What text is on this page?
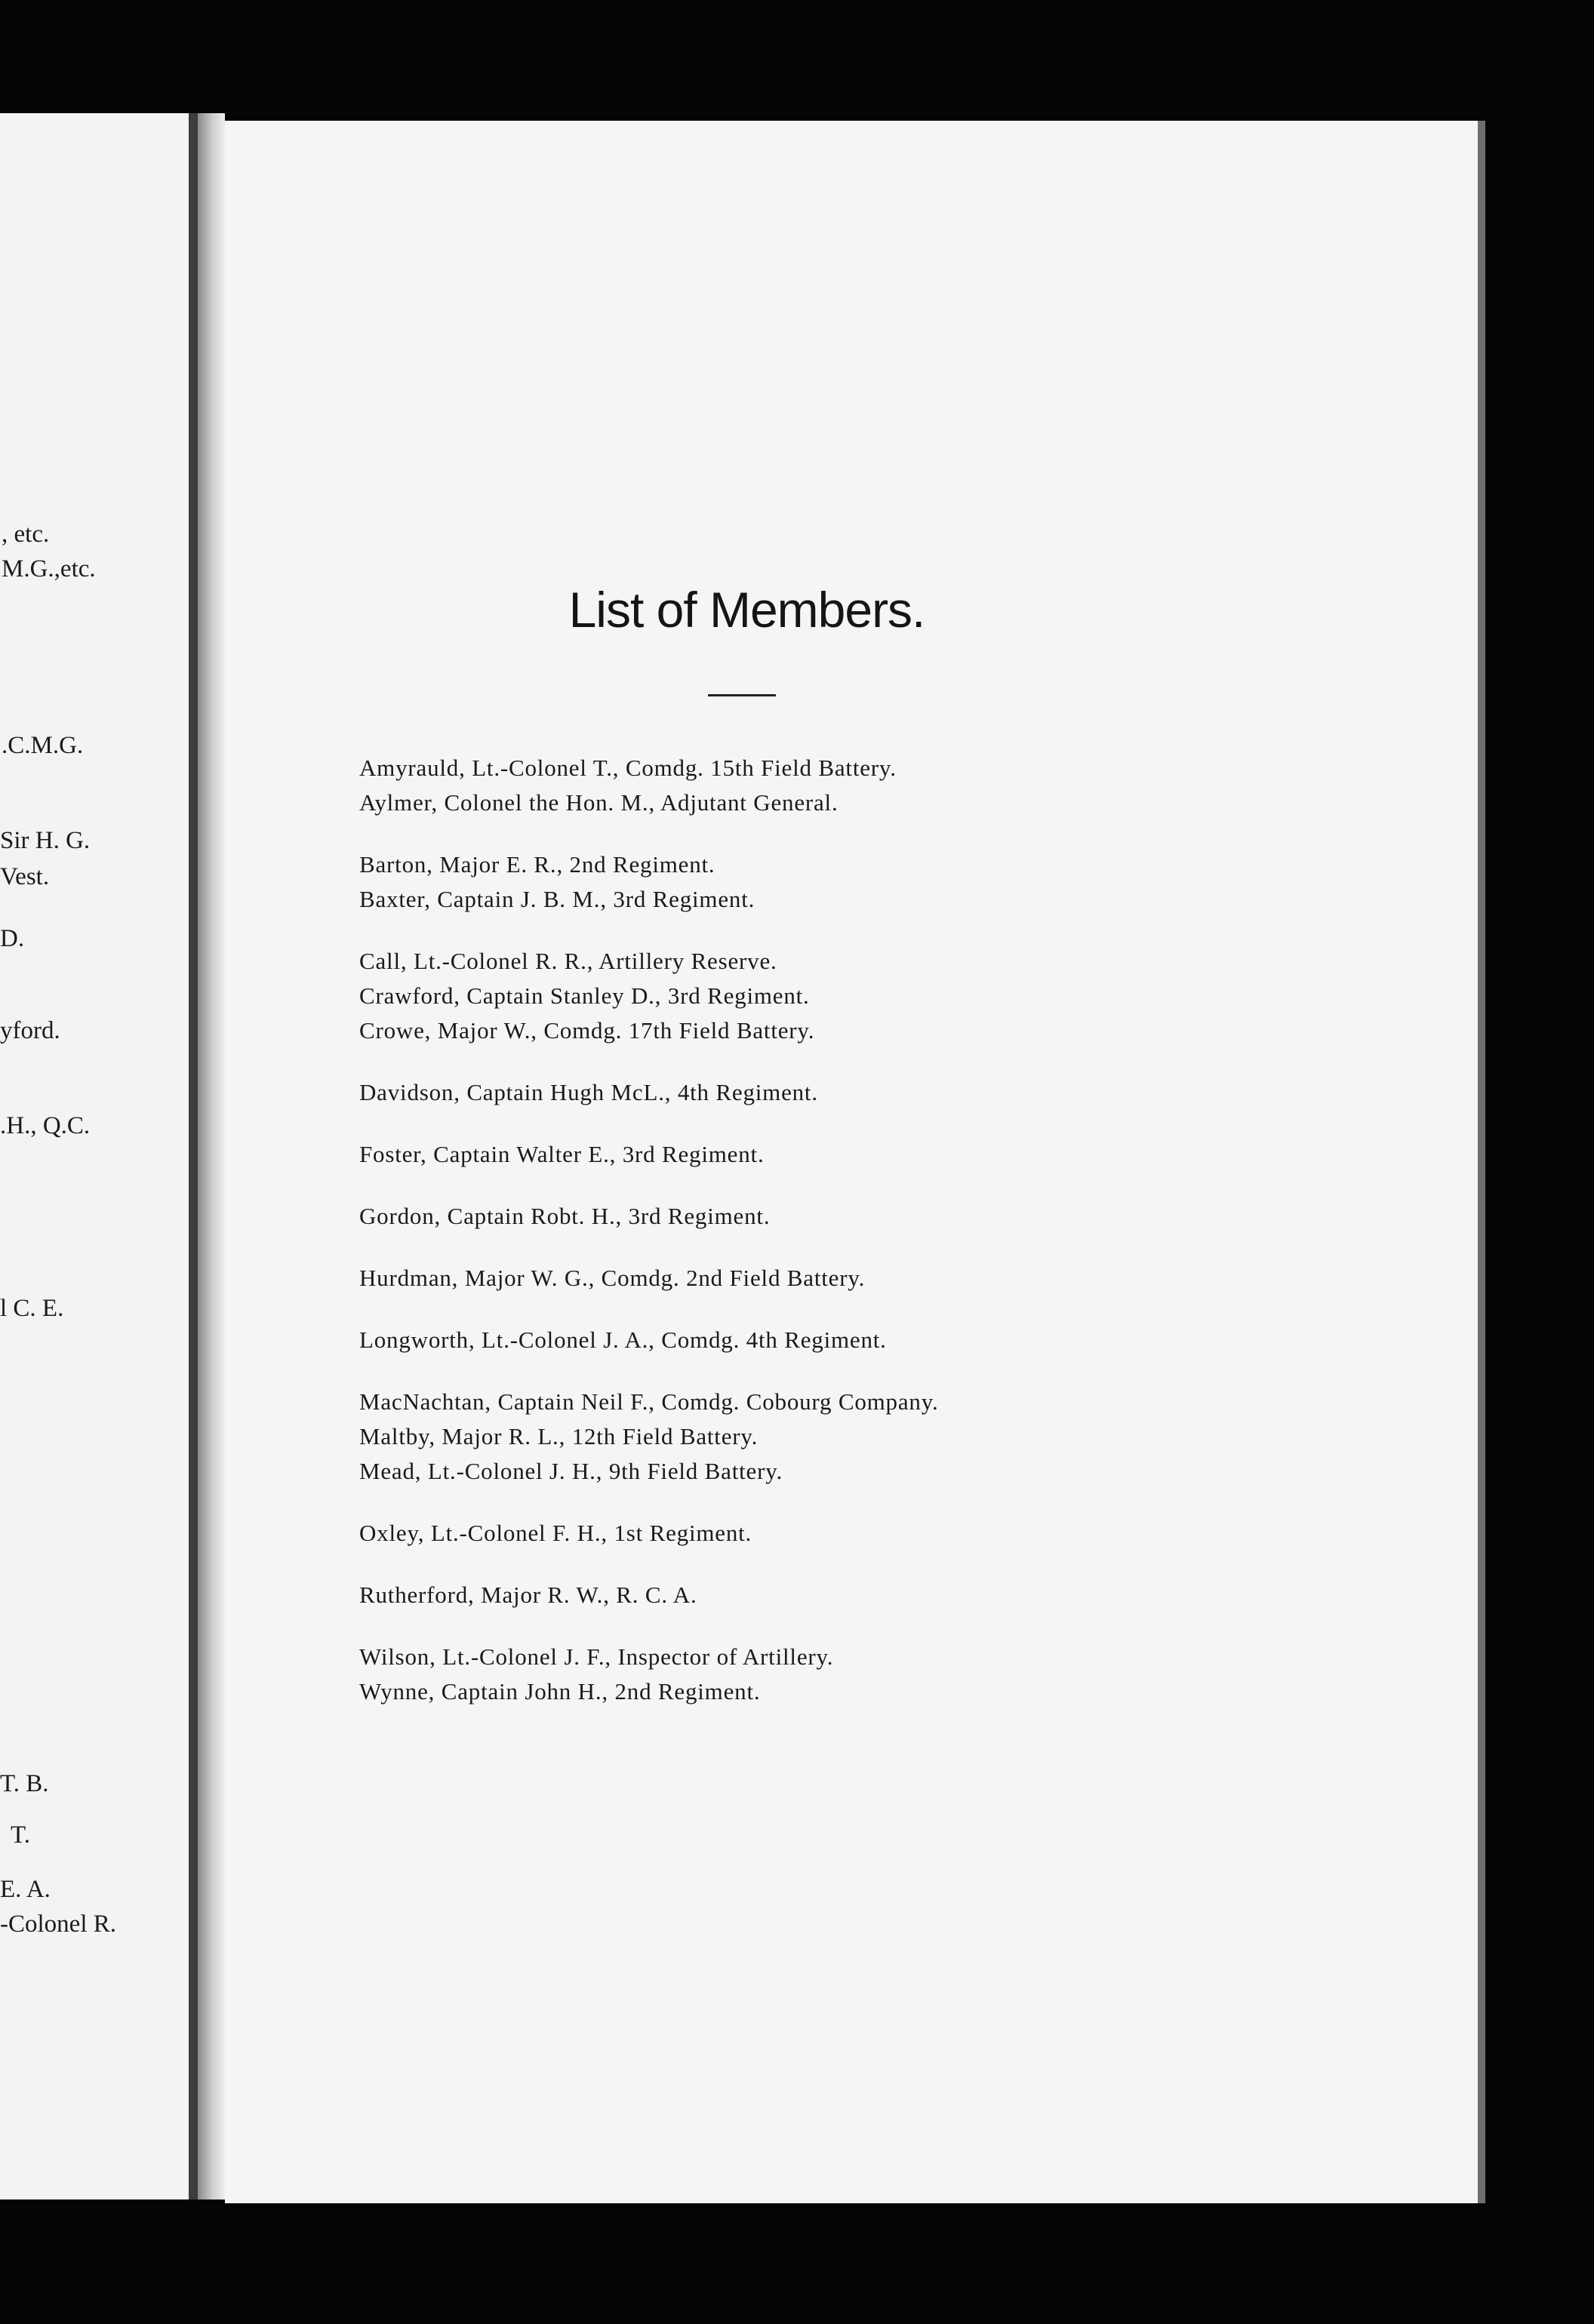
, etc.
M.G.,etc.
.C.M.G.
Sir H. G.
Vest.
D.
yford.
.H., Q.C.
l C. E.
T. B.
T.
E. A.
-Colonel R.
List of Members.
Amyrauld, Lt.-Colonel T., Comdg. 15th Field Battery.
Aylmer, Colonel the Hon. M., Adjutant General.
Barton, Major E. R., 2nd Regiment.
Baxter, Captain J. B. M., 3rd Regiment.
Call, Lt.-Colonel R. R., Artillery Reserve.
Crawford, Captain Stanley D., 3rd Regiment.
Crowe, Major W., Comdg. 17th Field Battery.
Davidson, Captain Hugh McL., 4th Regiment.
Foster, Captain Walter E., 3rd Regiment.
Gordon, Captain Robt. H., 3rd Regiment.
Hurdman, Major W. G., Comdg. 2nd Field Battery.
Longworth, Lt.-Colonel J. A., Comdg. 4th Regiment.
MacNachtan, Captain Neil F., Comdg. Cobourg Company.
Maltby, Major R. L., 12th Field Battery.
Mead, Lt.-Colonel J. H., 9th Field Battery.
Oxley, Lt.-Colonel F. H., 1st Regiment.
Rutherford, Major R. W., R. C. A.
Wilson, Lt.-Colonel J. F., Inspector of Artillery.
Wynne, Captain John H., 2nd Regiment.
